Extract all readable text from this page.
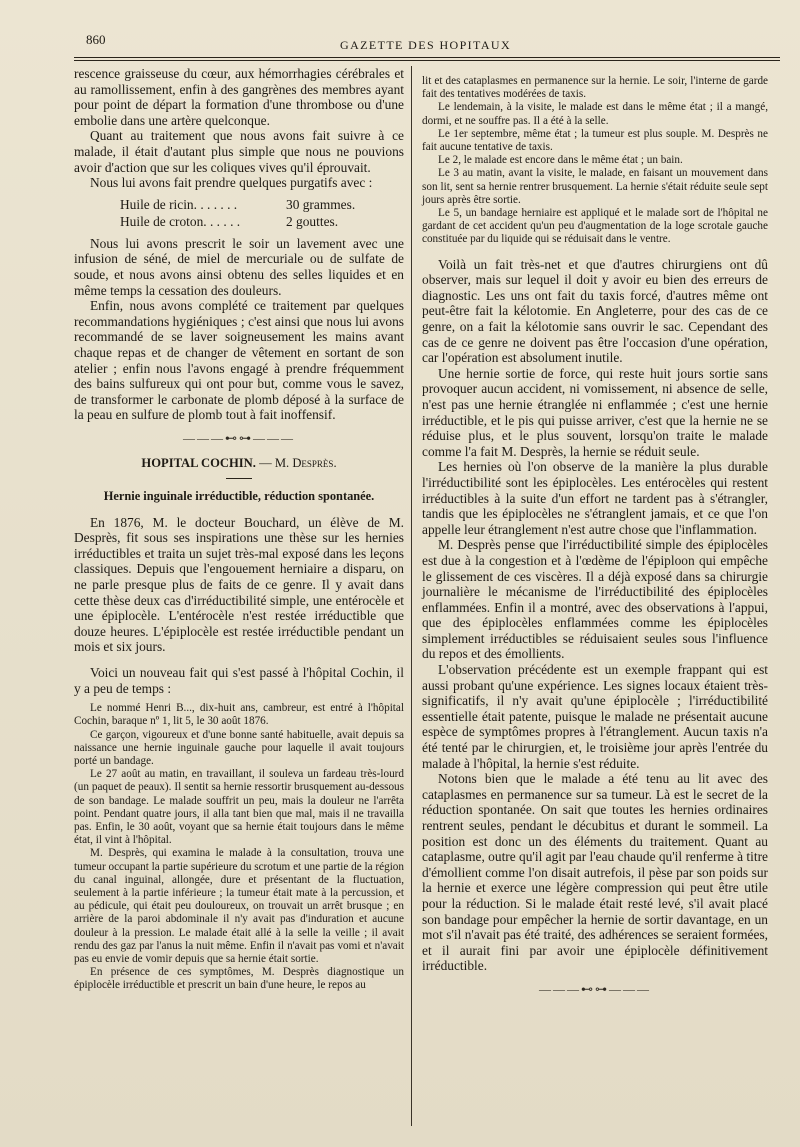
860	GAZETTE DES HOPITAUX

rescence graisseuse du cœur, aux hémorrhagies cérébrales et au ramollissement, enfin à des gangrènes des membres ayant pour point de départ la formation d'une thrombose ou d'une embolie dans une artère quelconque.

Quant au traitement que nous avons fait suivre à ce malade, il était d'autant plus simple que nous ne pouvions avoir d'action que sur les coliques vives qu'il éprouvait.

Nous lui avons fait prendre quelques purgatifs avec :

Huile de ricin. . . . . . .	30 grammes.
Huile de croton. . . . . .	2 gouttes.

Nous lui avons prescrit le soir un lavement avec une infusion de séné, de miel de mercuriale ou de sulfate de soude, et nous avons ainsi obtenu des selles liquides et en même temps la cessation des douleurs.

Enfin, nous avons complété ce traitement par quelques recommandations hygiéniques ; c'est ainsi que nous lui avons recommandé de se laver soigneusement les mains avant chaque repas et de changer de vêtement en sortant de son atelier ; enfin nous l'avons engagé à prendre fréquemment des bains sulfureux qui ont pour but, comme vous le savez, de transformer le carbonate de plomb déposé à la surface de la peau en sulfure de plomb tout à fait inoffensif.

———⊷⊶———
HOPITAL COCHIN. — M. Desprès.
Hernie inguinale irréductible, réduction spontanée.

En 1876, M. le docteur Bouchard, un élève de M. Desprès, fit sous ses inspirations une thèse sur les hernies irréductibles et traita un sujet très-mal exposé dans les leçons classiques. Depuis que l'engouement herniaire a disparu, on ne parle presque plus de faits de ce genre. Il y avait dans cette thèse deux cas d'irréductibilité simple, une entérocèle et une épiplocèle. L'entérocèle n'est restée irréductible que douze heures. L'épiplocèle est restée irréductible pendant un mois et six jours.

Voici un nouveau fait qui s'est passé à l'hôpital Cochin, il y a peu de temps :

Le nommé Henri B..., dix-huit ans, cambreur, est entré à l'hôpital Cochin, baraque nº 1, lit 5, le 30 août 1876.

Ce garçon, vigoureux et d'une bonne santé habituelle, avait depuis sa naissance une hernie inguinale gauche pour laquelle il avait toujours porté un bandage.

Le 27 août au matin, en travaillant, il souleva un fardeau très-lourd (un paquet de peaux). Il sentit sa hernie ressortir brusquement au-dessous de son bandage. Le malade souffrit un peu, mais la douleur ne l'arrêta point. Pendant quatre jours, il alla tant bien que mal, mais il ne travailla pas. Enfin, le 30 août, voyant que sa hernie était toujours dans le même état, il vint à l'hôpital.

M. Desprès, qui examina le malade à la consultation, trouva une tumeur occupant la partie supérieure du scrotum et une partie de la région du canal inguinal, allongée, dure et présentant de la fluctuation, seulement à la partie inférieure ; la tumeur était mate à la percussion, et au pédicule, qui était peu douloureux, on trouvait un arrêt brusque ; en arrière de la paroi abdominale il n'y avait pas d'induration et aucune douleur à la pression. Le malade était allé à la selle la veille ; il avait rendu des gaz par l'anus la nuit même. Enfin il n'avait pas vomi et n'avait pas eu envie de vomir depuis que sa hernie était sortie.

En présence de ces symptômes, M. Desprès diagnostique un épiplocèle irréductible et prescrit un bain d'une heure, le repos au

lit et des cataplasmes en permanence sur la hernie. Le soir, l'interne de garde fait des tentatives modérées de taxis.

Le lendemain, à la visite, le malade est dans le même état ; il a mangé, dormi, et ne souffre pas. Il a été à la selle.

Le 1er septembre, même état ; la tumeur est plus souple. M. Desprès ne fait aucune tentative de taxis.

Le 2, le malade est encore dans le même état ; un bain.

Le 3 au matin, avant la visite, le malade, en faisant un mouvement dans son lit, sent sa hernie rentrer brusquement. La hernie s'était réduite seule sept jours après être sortie.

Le 5, un bandage herniaire est appliqué et le malade sort de l'hôpital ne gardant de cet accident qu'un peu d'augmentation de la loge scrotale gauche constituée par du liquide qui se réduisait dans le ventre.

Voilà un fait très-net et que d'autres chirurgiens ont dû observer, mais sur lequel il doit y avoir eu bien des erreurs de diagnostic. Les uns ont fait du taxis forcé, d'autres même ont peut-être fait la kélotomie. En Angleterre, pour des cas de ce genre, on a fait la kélotomie sans ouvrir le sac. Cependant des cas de ce genre ne doivent pas être l'occasion d'une opération, car l'opération est absolument inutile.

Une hernie sortie de force, qui reste huit jours sortie sans provoquer aucun accident, ni vomissement, ni absence de selle, n'est pas une hernie étranglée ni enflammée ; c'est une hernie irréductible, et le pis qui puisse arriver, c'est que la hernie ne se réduise plus, et le plus souvent, lorsqu'on traite le malade comme l'a fait M. Desprès, la hernie se réduit seule.

Les hernies où l'on observe de la manière la plus durable l'irréductibilité sont les épiplocèles. Les entérocèles qui restent irréductibles à la suite d'un effort ne tardent pas à s'étrangler, tandis que les épiplocèles ne s'étranglent jamais, et ce que l'on appelle leur étranglement n'est autre chose que l'inflammation.

M. Desprès pense que l'irréductibilité simple des épiplocèles est due à la congestion et à l'œdème de l'épiploon qui empêche le glissement de ces viscères. Il a déjà exposé dans sa chirurgie journalière le mécanisme de l'irréductibilité des épiplocèles enflammées. Enfin il a montré, avec des observations à l'appui, que des épiplocèles enflammées comme les épiplocèles simplement irréductibles se réduisaient seules sous l'influence du repos et des émollients.

L'observation précédente est un exemple frappant qui est aussi probant qu'une expérience. Les signes locaux étaient très-significatifs, il n'y avait qu'une épiplocèle ; l'irréductibilité essentielle était patente, puisque le malade ne présentait aucune espèce de symptômes propres à l'étranglement. Aucun taxis n'a été tenté par le chirurgien, et, le troisième jour après l'entrée du malade à l'hôpital, la hernie s'est réduite.

Notons bien que le malade a été tenu au lit avec des cataplasmes en permanence sur sa tumeur. Là est le secret de la réduction spontanée. On sait que toutes les hernies ordinaires rentrent seules, pendant le décubitus et durant le sommeil. La position est donc un des éléments du traitement. Quant au cataplasme, outre qu'il agit par l'eau chaude qu'il renferme à titre d'émollient comme l'on disait autrefois, il pèse par son poids sur la hernie et exerce une légère compression qui peut être utile pour la réduction. Si le malade était resté levé, s'il avait placé son bandage pour empêcher la hernie de sortir davantage, en un mot s'il n'avait pas été traité, des adhérences se seraient formées, et il aurait fini par avoir une épiplocèle définitivement irréductible.

———⊷⊶———
